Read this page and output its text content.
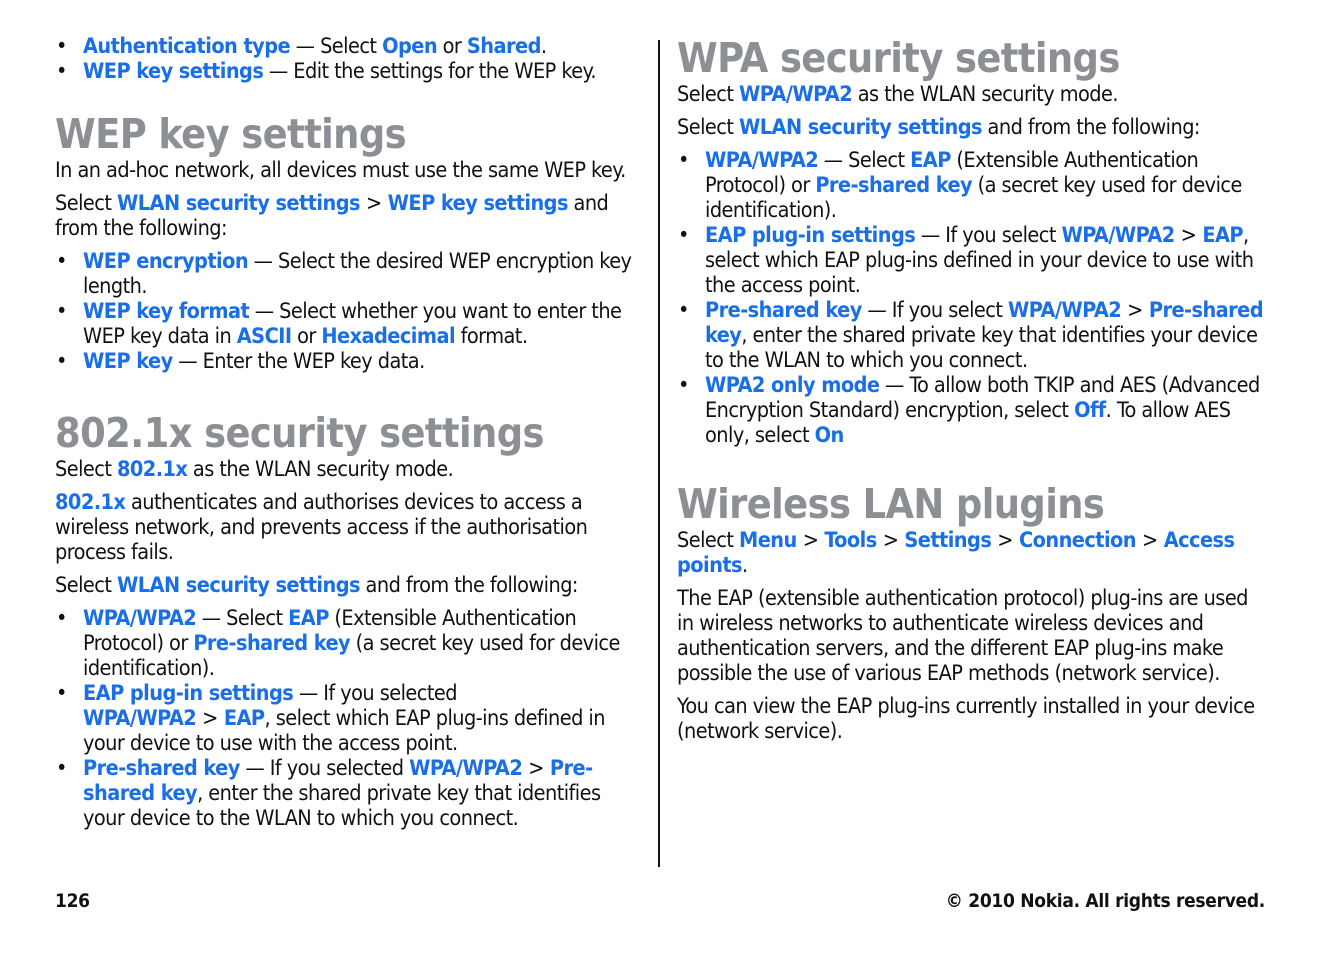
• Authentication type — Select Open or Shared.
• WEP key settings — Edit the settings for the WEP key.
WEP key settings

In an ad-hoc network, all devices must use the same WEP key.

Select WLAN security settings > WEP key settings and from the following:

• WEP encryption — Select the desired WEP encryption key length.
• WEP key format — Select whether you want to enter the WEP key data in ASCII or Hexadecimal format.
• WEP key — Enter the WEP key data.
802.1x security settings

Select 802.1x as the WLAN security mode.

802.1x authenticates and authorises devices to access a wireless network, and prevents access if the authorisation process fails.

Select WLAN security settings and from the following:

• WPA/WPA2 — Select EAP (Extensible Authentication Protocol) or Pre-shared key (a secret key used for device identification).
• EAP plug-in settings — If you selected WPA/WPA2 > EAP, select which EAP plug-ins defined in your device to use with the access point.
• Pre-shared key — If you selected WPA/WPA2 > Pre-shared key, enter the shared private key that identifies your device to the WLAN to which you connect.
WPA security settings

Select WPA/WPA2 as the WLAN security mode.

Select WLAN security settings and from the following:

• WPA/WPA2 — Select EAP (Extensible Authentication Protocol) or Pre-shared key (a secret key used for device identification).
• EAP plug-in settings — If you select WPA/WPA2 > EAP, select which EAP plug-ins defined in your device to use with the access point.
• Pre-shared key — If you select WPA/WPA2 > Pre-shared key, enter the shared private key that identifies your device to the WLAN to which you connect.
• WPA2 only mode — To allow both TKIP and AES (Advanced Encryption Standard) encryption, select Off. To allow AES only, select On
Wireless LAN plugins

Select Menu > Tools > Settings > Connection > Access points.

The EAP (extensible authentication protocol) plug-ins are used in wireless networks to authenticate wireless devices and authentication servers, and the different EAP plug-ins make possible the use of various EAP methods (network service).

You can view the EAP plug-ins currently installed in your device (network service).

126	© 2010 Nokia. All rights reserved.
